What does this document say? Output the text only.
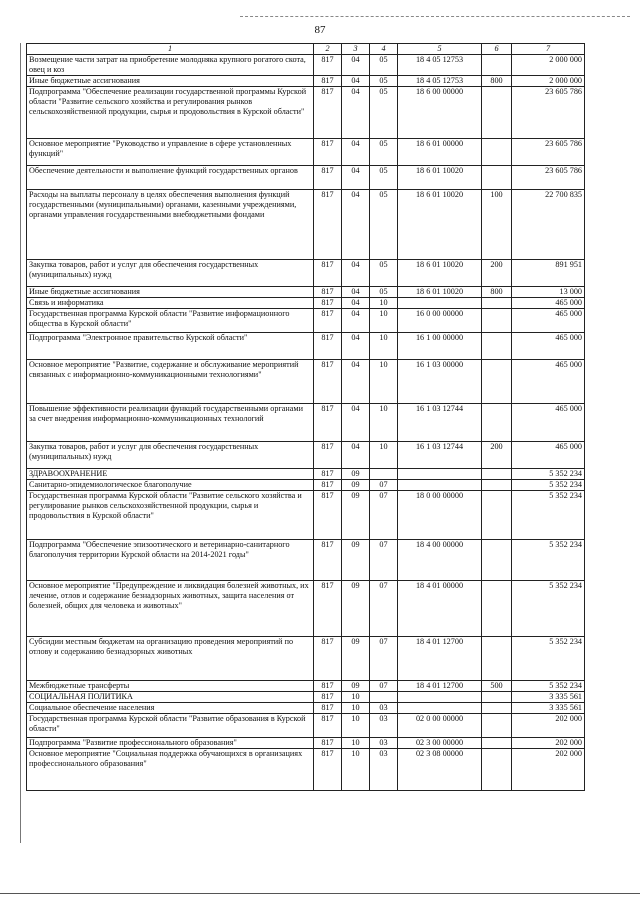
87
1	2	3	4	5	6	7
Возмещение части затрат на приобретение молодняка крупного рогатого скота, овец и коз	817	04	05	18 4 05 12753		2 000 000
Иные бюджетные ассигнования	817	04	05	18 4 05 12753	800	2 000 000
Подпрограмма "Обеспечение реализации государственной программы Курской области "Развитие сельского хозяйства и регулирования рынков сельскохозяйственной продукции, сырья и продовольствия в Курской области"	817	04	05	18 6 00 00000		23 605 786
Основное мероприятие "Руководство и управление в сфере установленных функций"	817	04	05	18 6 01 00000		23 605 786
Обеспечение деятельности и выполнение функций государственных органов	817	04	05	18 6 01 10020		23 605 786
Расходы на выплаты персоналу в целях обеспечения выполнения функций государственными (муниципальными) органами, казенными учреждениями, органами управления государственными внебюджетными фондами	817	04	05	18 6 01 10020	100	22 700 835
Закупка товаров, работ и услуг для обеспечения государственных (муниципальных) нужд	817	04	05	18 6 01 10020	200	891 951
Иные бюджетные ассигнования	817	04	05	18 6 01 10020	800	13 000
Связь и информатика	817	04	10			465 000
Государственная программа Курской области "Развитие информационного общества в Курской области"	817	04	10	16 0 00 00000		465 000
Подпрограмма "Электронное правительство Курской области"	817	04	10	16 1 00 00000		465 000
Основное мероприятие "Развитие, содержание и обслуживание мероприятий связанных с информационно-коммуникационными технологиями"	817	04	10	16 1 03 00000		465 000
Повышение эффективности реализации функций государственными органами за счет внедрения информационно-коммуникационных технологий	817	04	10	16 1 03 12744		465 000
Закупка товаров, работ и услуг для обеспечения государственных (муниципальных) нужд	817	04	10	16 1 03 12744	200	465 000
ЗДРАВООХРАНЕНИЕ	817	09				5 352 234
Санитарно-эпидемиологическое благополучие	817	09	07			5 352 234
Государственная программа Курской области "Развитие сельского хозяйства и регулирование рынков сельскохозяйственной продукции, сырья и продовольствия в Курской области"	817	09	07	18 0 00 00000		5 352 234
Подпрограмма "Обеспечение эпизоотического и ветеринарно-санитарного благополучия территории Курской области на 2014-2021 годы"	817	09	07	18 4 00 00000		5 352 234
Основное мероприятие "Предупреждение и ликвидация болезней животных, их лечение, отлов и содержание безнадзорных животных, защита населения от болезней, общих для человека и животных"	817	09	07	18 4 01 00000		5 352 234
Субсидии местным бюджетам на организацию проведения мероприятий по отлову и содержанию безнадзорных животных	817	09	07	18 4 01 12700		5 352 234
Межбюджетные трансферты	817	09	07	18 4 01 12700	500	5 352 234
СОЦИАЛЬНАЯ ПОЛИТИКА	817	10				3 335 561
Социальное обеспечение населения	817	10	03			3 335 561
Государственная программа Курской области "Развитие образования в Курской области"	817	10	03	02 0 00 00000		202 000
Подпрограмма "Развитие профессионального образования"	817	10	03	02 3 00 00000		202 000
Основное мероприятие "Социальная поддержка обучающихся в организациях профессионального образования"	817	10	03	02 3 08 00000		202 000
